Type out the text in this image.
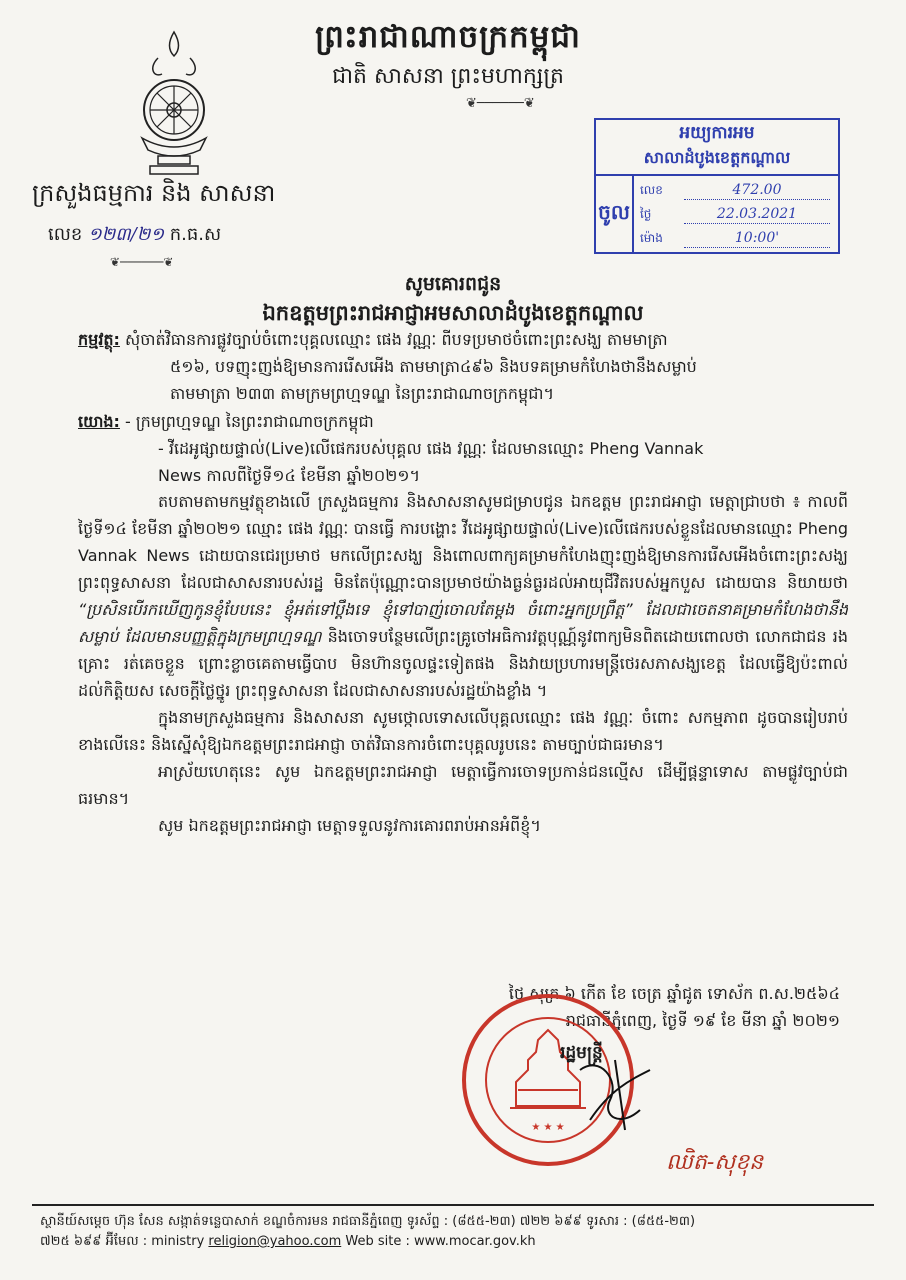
ព្រះរាជាណាចក្រកម្ពុជា
ជាតិ សាសនា ព្រះមហាក្សត្រ
❦──────❦
ក្រសួងធម្មការ និង សាសនា
លេខ ១២៣/២១ ក.ធ.ស
❦──────❦
អយ្យការអម
សាលាដំបូងខេត្តកណ្ដាល
ចូល
លេខ	472.00
ថ្ងៃ	22.03.2021
ម៉ោង	10:00'
សូមគោរពជូន
ឯកឧត្តមព្រះរាជអាជ្ញាអមសាលាដំបូងខេត្តកណ្តាល
កម្មវត្ថុ: សុំចាត់វិធានការផ្លូវច្បាប់ចំពោះបុគ្គលឈ្មោះ ផេង វណ្ណៈ ពីបទប្រមាថចំពោះព្រះសង្ឃ តាមមាត្រា
៥១៦, បទញុះញង់ឱ្យមានការរើសអើង តាមមាត្រា៤៩៦ និងបទគម្រាមកំហែងថានឹងសម្លាប់
តាមមាត្រា ២៣៣ តាមក្រមព្រហ្មទណ្ឌ នៃព្រះរាជាណាចក្រកម្ពុជា។
យោង: - ក្រមព្រហ្មទណ្ឌ នៃព្រះរាជាណាចក្រកម្ពុជា
- វីដេអូផ្សាយផ្ទាល់(Live)លើផេករបស់បុគ្គល ផេង វណ្ណៈ ដែលមានឈ្មោះ Pheng Vannak
News កាលពីថ្ងៃទី១៤ ខែមីនា ឆ្នាំ២០២១។

តបតាមតាមកម្មវត្ថុខាងលើ ក្រសួងធម្មការ និងសាសនាសូមជម្រាបជូន ឯកឧត្តម ព្រះរាជអាជ្ញា មេត្តាជ្រាបថា ៖ កាលពីថ្ងៃទី១៤ ខែមីនា ឆ្នាំ២០២១ ឈ្មោះ ផេង វណ្ណៈ បានធ្វើ ការបង្ហោះ វីដេអូផ្សាយផ្ទាល់(Live)លើផេករបស់ខ្លួនដែលមានឈ្មោះ Pheng Vannak News ដោយបានជេរប្រមាថ មកលើព្រះសង្ឃ និងពោលពាក្យគម្រាមកំហែងញុះញង់ឱ្យមានការរើសអើងចំពោះព្រះសង្ឃ ព្រះពុទ្ធសាសនា ដែលជាសាសនារបស់រដ្ឋ មិនតែប៉ុណ្ណោះបានប្រមាថយ៉ាងធ្ងន់ធ្ងរដល់អាយុជីវិតរបស់អ្នកបួស ដោយបាន និយាយថា “ប្រសិនបើរកឃើញកូនខ្ញុំបែបនេះ ខ្ញុំអត់ទៅប្តឹងទេ ខ្ញុំទៅបាញ់ចោលតែម្តង ចំពោះអ្នកប្រព្រឹត្ត” ដែលជាចេតនាគម្រាមកំហែងថានឹងសម្លាប់ ដែលមានបញ្ញត្តិក្នុងក្រមព្រហ្មទណ្ឌ និងចោទបន្ថែមលើព្រះគ្រូចៅអធិការវត្តបុណ្ណ៍នូវពាក្យមិនពិតដោយពោលថា លោកជាជន រងគ្រោះ រត់គេចខ្លួន ព្រោះខ្លាចគេតាមធ្វើបាប មិនហ៊ានចូលផ្ទះទៀតផង និងវាយប្រហារមន្ត្រីថេរសភាសង្ឃខេត្ត ដែលធ្វើឱ្យប៉ះពាល់ដល់កិត្តិយស សេចក្តីថ្លៃថ្នូរ ព្រះពុទ្ធសាសនា ដែលជាសាសនារបស់រដ្ឋយ៉ាងខ្លាំង ។

ក្នុងនាមក្រសួងធម្មការ និងសាសនា សូមថ្កោលទោសលើបុគ្គលឈ្មោះ ផេង វណ្ណៈ ចំពោះ សកម្មភាព ដូចបានរៀបរាប់ខាងលើនេះ និងស្នើសុំឱ្យឯកឧត្តមព្រះរាជអាជ្ញា ចាត់វិធានការចំពោះបុគ្គលរូបនេះ តាមច្បាប់ជាធរមាន។

អាស្រ័យហេតុនេះ សូម ឯកឧត្តមព្រះរាជអាជ្ញា មេត្តាធ្វើការចោទប្រកាន់ជនល្មើស ដើម្បីផ្តន្ទាទោស តាមផ្លូវច្បាប់ជាធរមាន។

សូម ឯកឧត្តមព្រះរាជអាជ្ញា មេត្តាទទួលនូវការគោរពរាប់អានអំពីខ្ញុំ។

ថ្ងៃ សុក្រ ៦ កើត ខែ ចេត្រ ឆ្នាំជូត ទោស័ក ព.ស.២៥៦៤
រាជធានីភ្នំពេញ, ថ្ងៃទី ១៩ ខែ មីនា ឆ្នាំ ២០២១
★ ★ ★
រដ្ឋមន្ត្រី
ឈិត-សុខុន
ស្ថានីយ៍សម្ដេច ហ៊ុន សែន សង្កាត់ទន្លេបាសាក់ ខណ្ឌចំការមន រាជធានីភ្នំពេញ ទូរស័ព្ទ : (៨៥៥-២៣) ៧២២ ៦៩៩ ទូរសារ : (៨៥៥-២៣)
៧២៥ ៦៩៩ អ៊ីមែល : ministry religion@yahoo.com Web site : www.mocar.gov.kh
